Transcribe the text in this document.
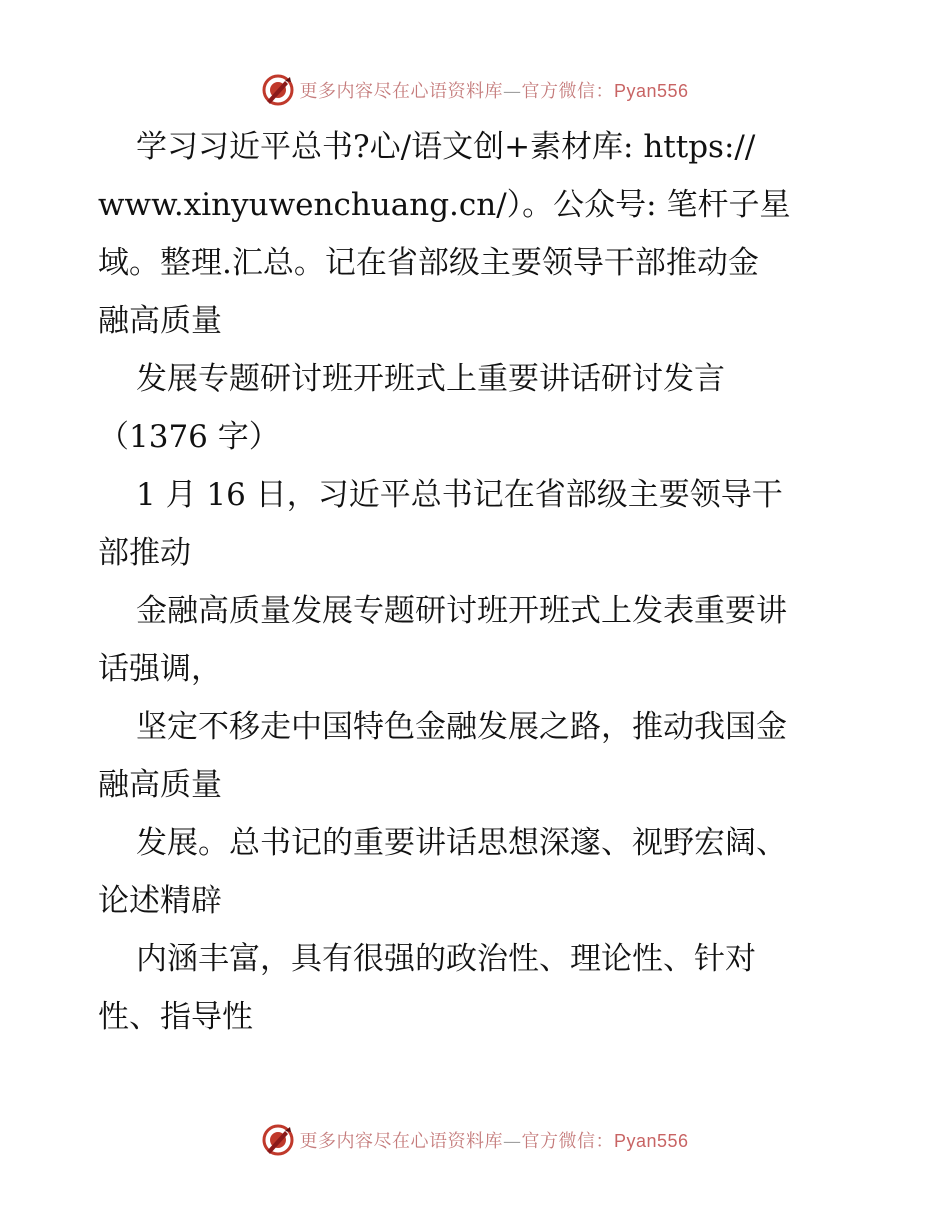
更多内容尽在心语资料库—官方微信：Pyan556
学习习近平总书?心/语文创+素材库: https://
www.xinyuwenchuang.cn/）。公众号: 笔杆子星
域。整理.汇总。记在省部级主要领导干部推动金
融高质量
发展专题研讨班开班式上重要讲话研讨发言
（1376 字）
1 月 16 日，习近平总书记在省部级主要领导干
部推动
金融高质量发展专题研讨班开班式上发表重要讲
话强调，
坚定不移走中国特色金融发展之路，推动我国金
融高质量
发展。总书记的重要讲话思想深邃、视野宏阔、
论述精辟
内涵丰富，具有很强的政治性、理论性、针对
性、指导性
更多内容尽在心语资料库—官方微信：Pyan556
